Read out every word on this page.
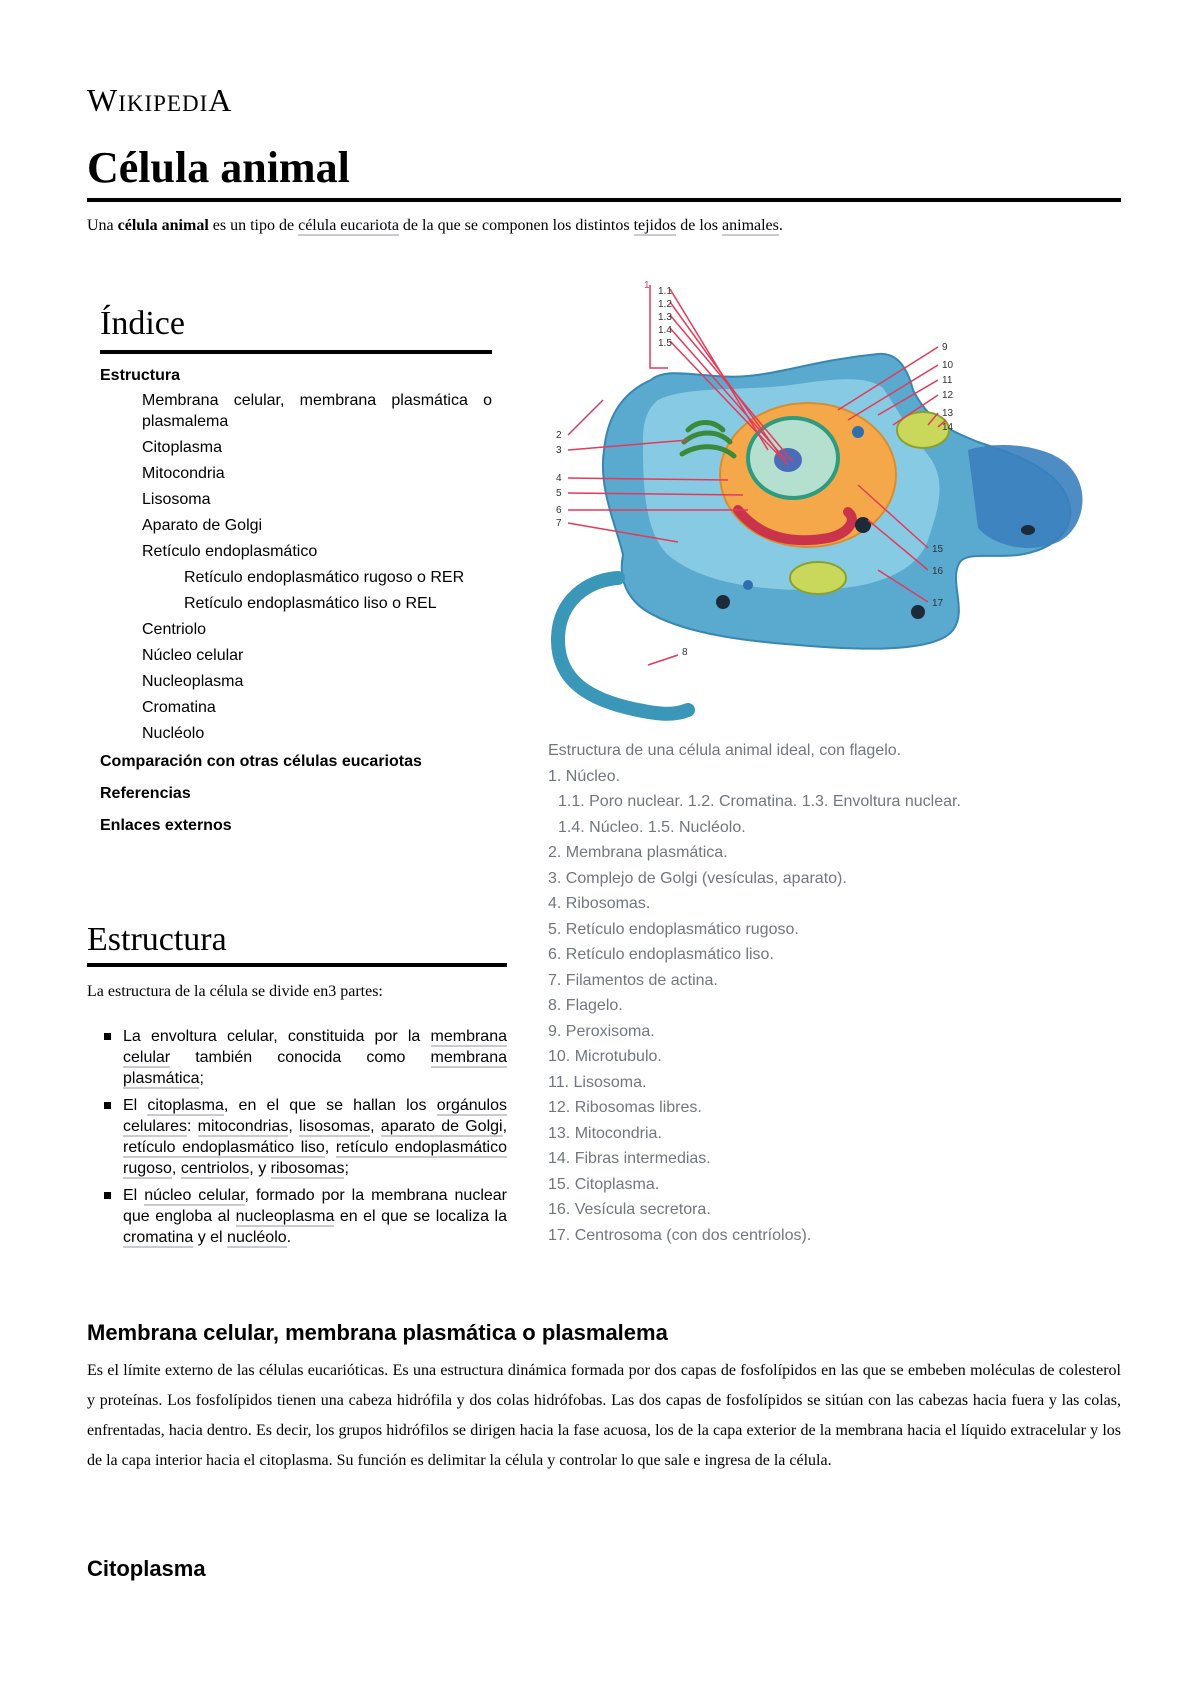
WIKIPEDIA
Célula animal
Una célula animal es un tipo de célula eucariota de la que se componen los distintos tejidos de los animales.
Índice
Estructura
Membrana celular, membrana plasmática o plasmalema
Citoplasma
Mitocondria
Lisosoma
Aparato de Golgi
Retículo endoplasmático
Retículo endoplasmático rugoso o RER
Retículo endoplasmático liso o REL
Centriolo
Núcleo celular
Nucleoplasma
Cromatina
Nucléolo
Comparación con otras células eucariotas
Referencias
Enlaces externos
Estructura
La estructura de la célula se divide en3 partes:
La envoltura celular, constituida por la membrana celular también conocida como membrana plasmática;
El citoplasma, en el que se hallan los orgánulos celulares: mitocondrias, lisosomas, aparato de Golgi, retículo endoplasmático liso, retículo endoplasmático rugoso, centriolos, y ribosomas;
El núcleo celular, formado por la membrana nuclear que engloba al nucleoplasma en el que se localiza la cromatina y el nucléolo.
1
1.1
1.2
1.3
1.4
1.5
2
3
4
5
6
7
8
9
10
11
12
13
14
15
16
17
Estructura de una célula animal ideal, con flagelo.
1. Núcleo.
1.1. Poro nuclear. 1.2. Cromatina. 1.3. Envoltura nuclear.
1.4. Núcleo. 1.5. Nucléolo.
2. Membrana plasmática.
3. Complejo de Golgi (vesículas, aparato).
4. Ribosomas.
5. Retículo endoplasmático rugoso.
6. Retículo endoplasmático liso.
7. Filamentos de actina.
8. Flagelo.
9. Peroxisoma.
10. Microtubulo.
11. Lisosoma.
12. Ribosomas libres.
13. Mitocondria.
14. Fibras intermedias.
15. Citoplasma.
16. Vesícula secretora.
17. Centrosoma (con dos centríolos).
Membrana celular, membrana plasmática o plasmalema

Es el límite externo de las células eucarióticas. Es una estructura dinámica formada por dos capas de fosfolípidos en las que se embeben moléculas de colesterol y proteínas. Los fosfolípidos tienen una cabeza hidrófila y dos colas hidrófobas. Las dos capas de fosfolípidos se sitúan con las cabezas hacia fuera y las colas, enfrentadas, hacia dentro. Es decir, los grupos hidrófilos se dirigen hacia la fase acuosa, los de la capa exterior de la membrana hacia el líquido extracelular y los de la capa interior hacia el citoplasma. Su función es delimitar la célula y controlar lo que sale e ingresa de la célula.

Citoplasma
